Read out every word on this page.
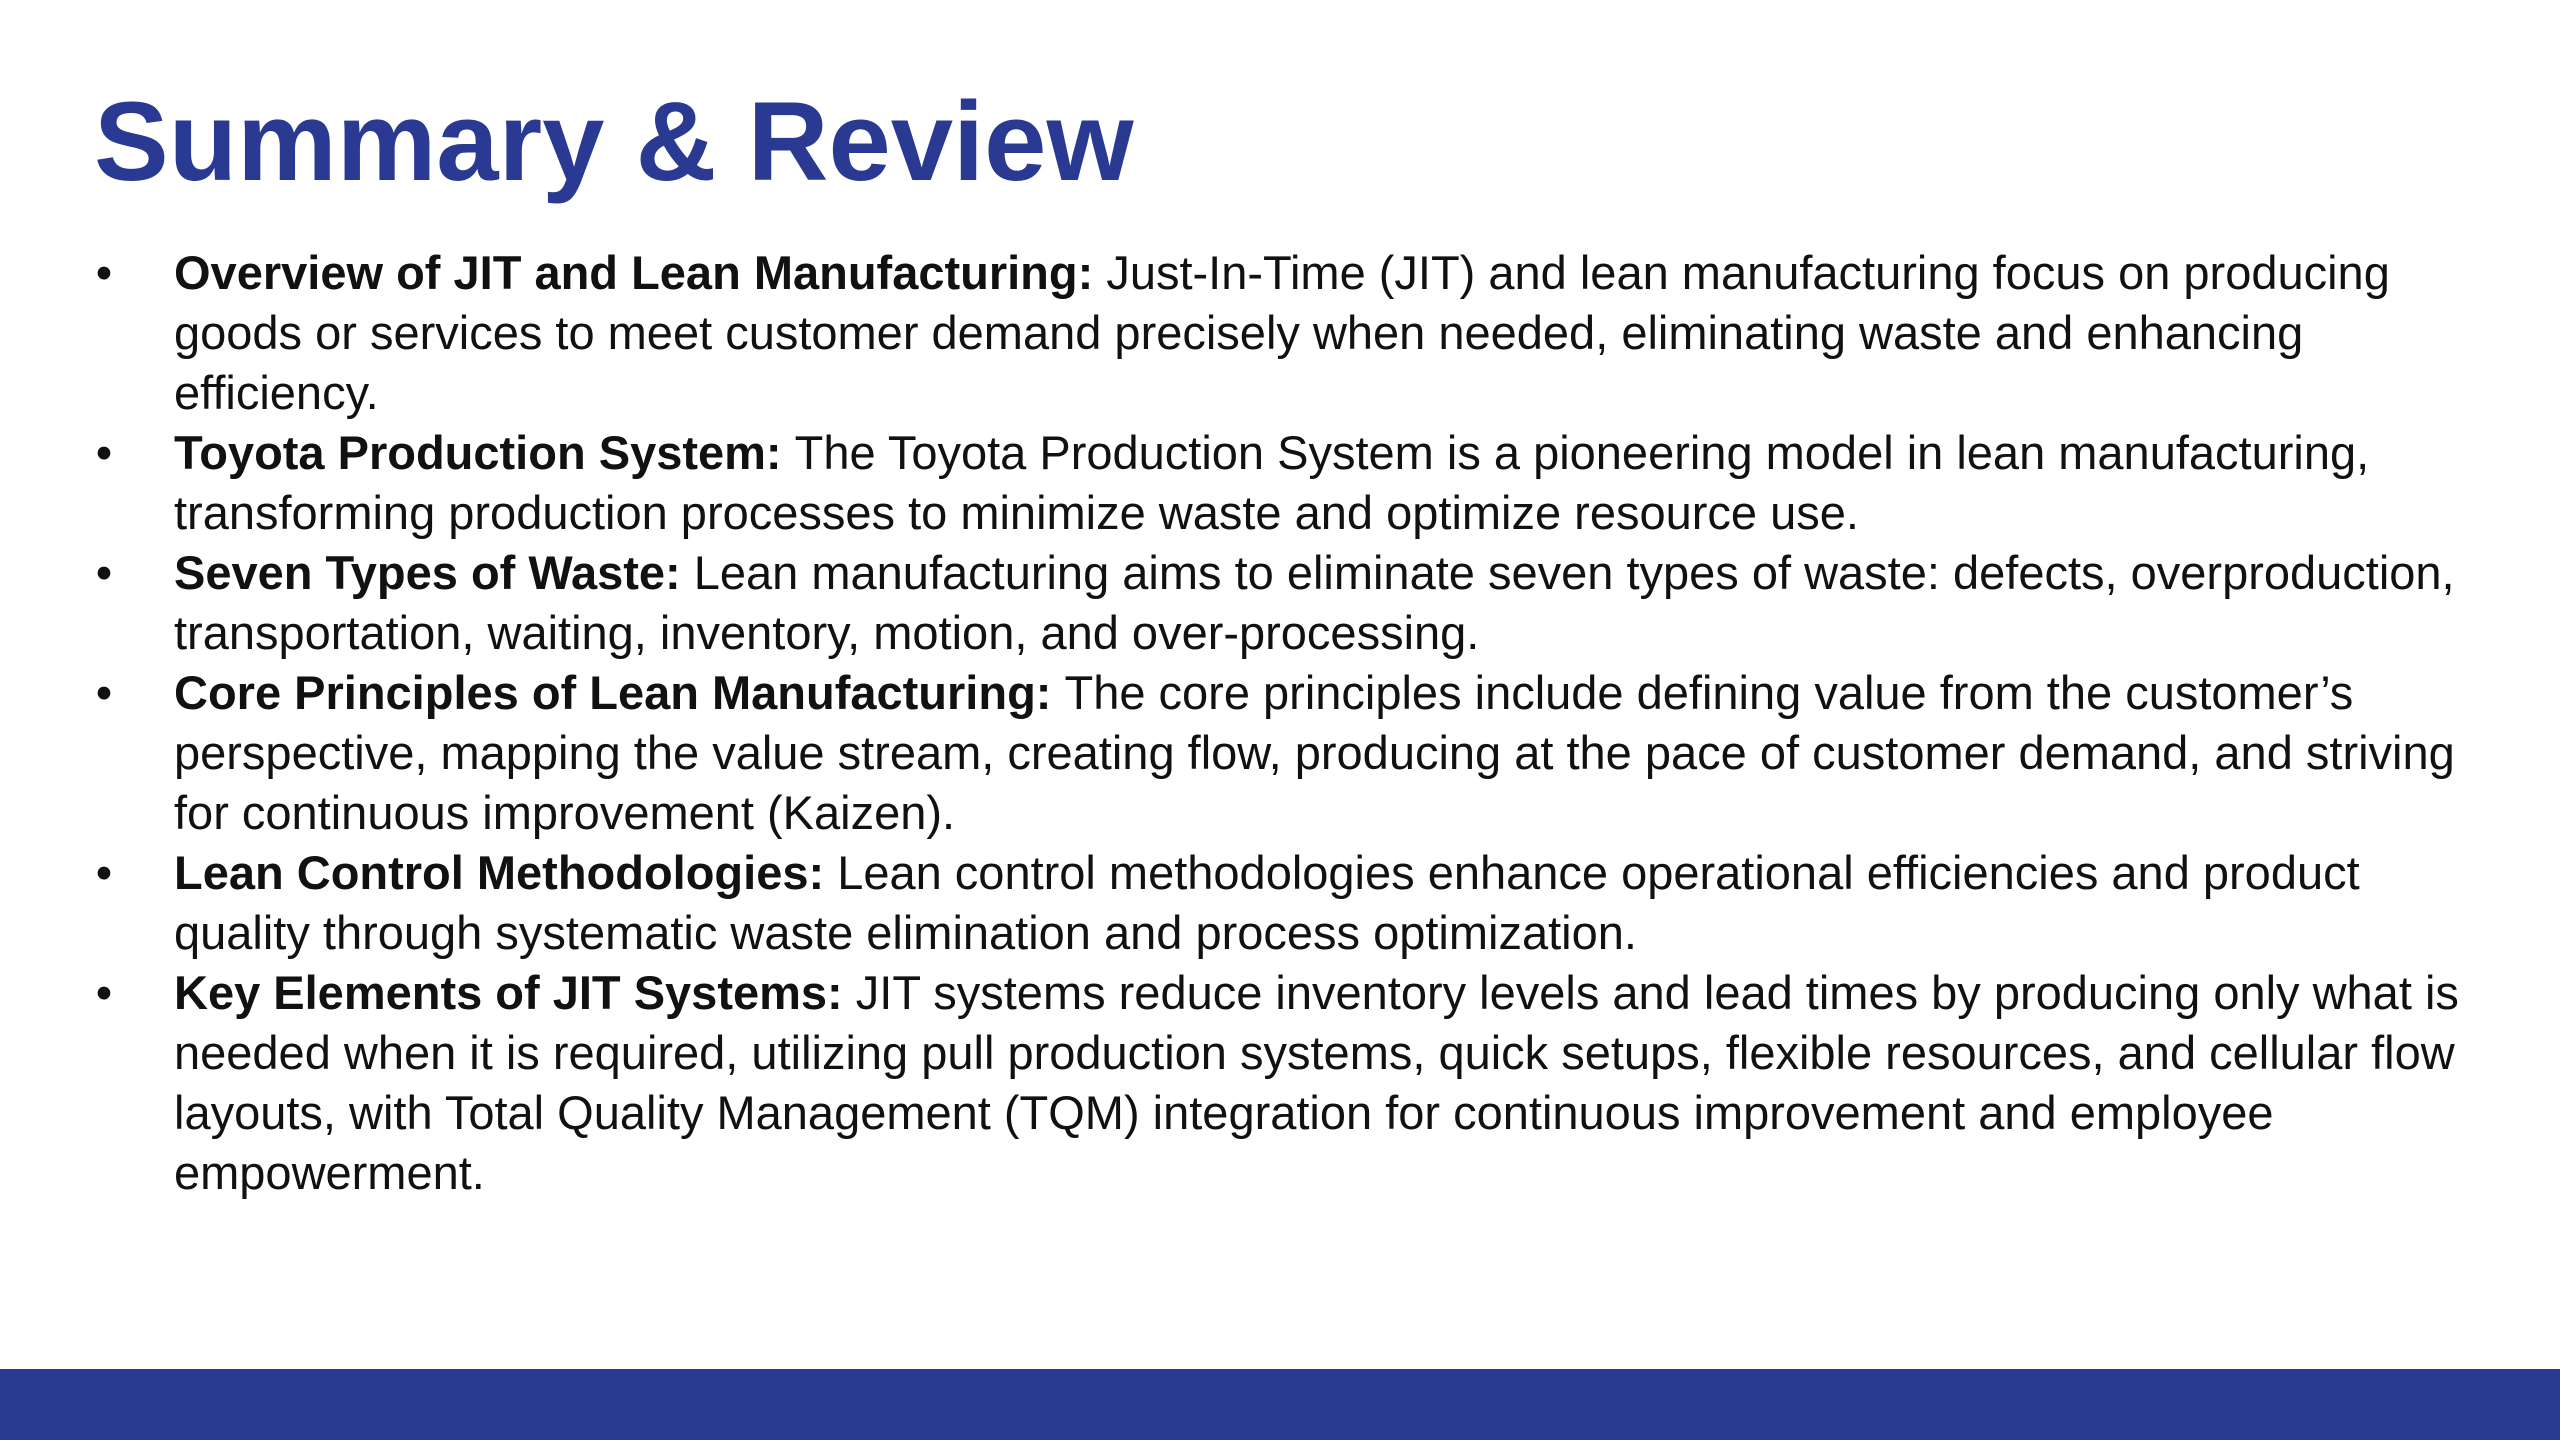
Summary & Review
• Overview of JIT and Lean Manufacturing: Just-In-Time (JIT) and lean manufacturing focus on producing goods or services to meet customer demand precisely when needed, eliminating waste and enhancing efficiency.
• Toyota Production System: The Toyota Production System is a pioneering model in lean manufacturing, transforming production processes to minimize waste and optimize resource use.
• Seven Types of Waste: Lean manufacturing aims to eliminate seven types of waste: defects, overproduction, transportation, waiting, inventory, motion, and over-processing.
• Core Principles of Lean Manufacturing: The core principles include defining value from the customer’s perspective, mapping the value stream, creating flow, producing at the pace of customer demand, and striving for continuous improvement (Kaizen).
• Lean Control Methodologies: Lean control methodologies enhance operational efficiencies and product quality through systematic waste elimination and process optimization.
• Key Elements of JIT Systems: JIT systems reduce inventory levels and lead times by producing only what is needed when it is required, utilizing pull production systems, quick setups, flexible resources, and cellular flow layouts, with Total Quality Management (TQM) integration for continuous improvement and employee empowerment.
